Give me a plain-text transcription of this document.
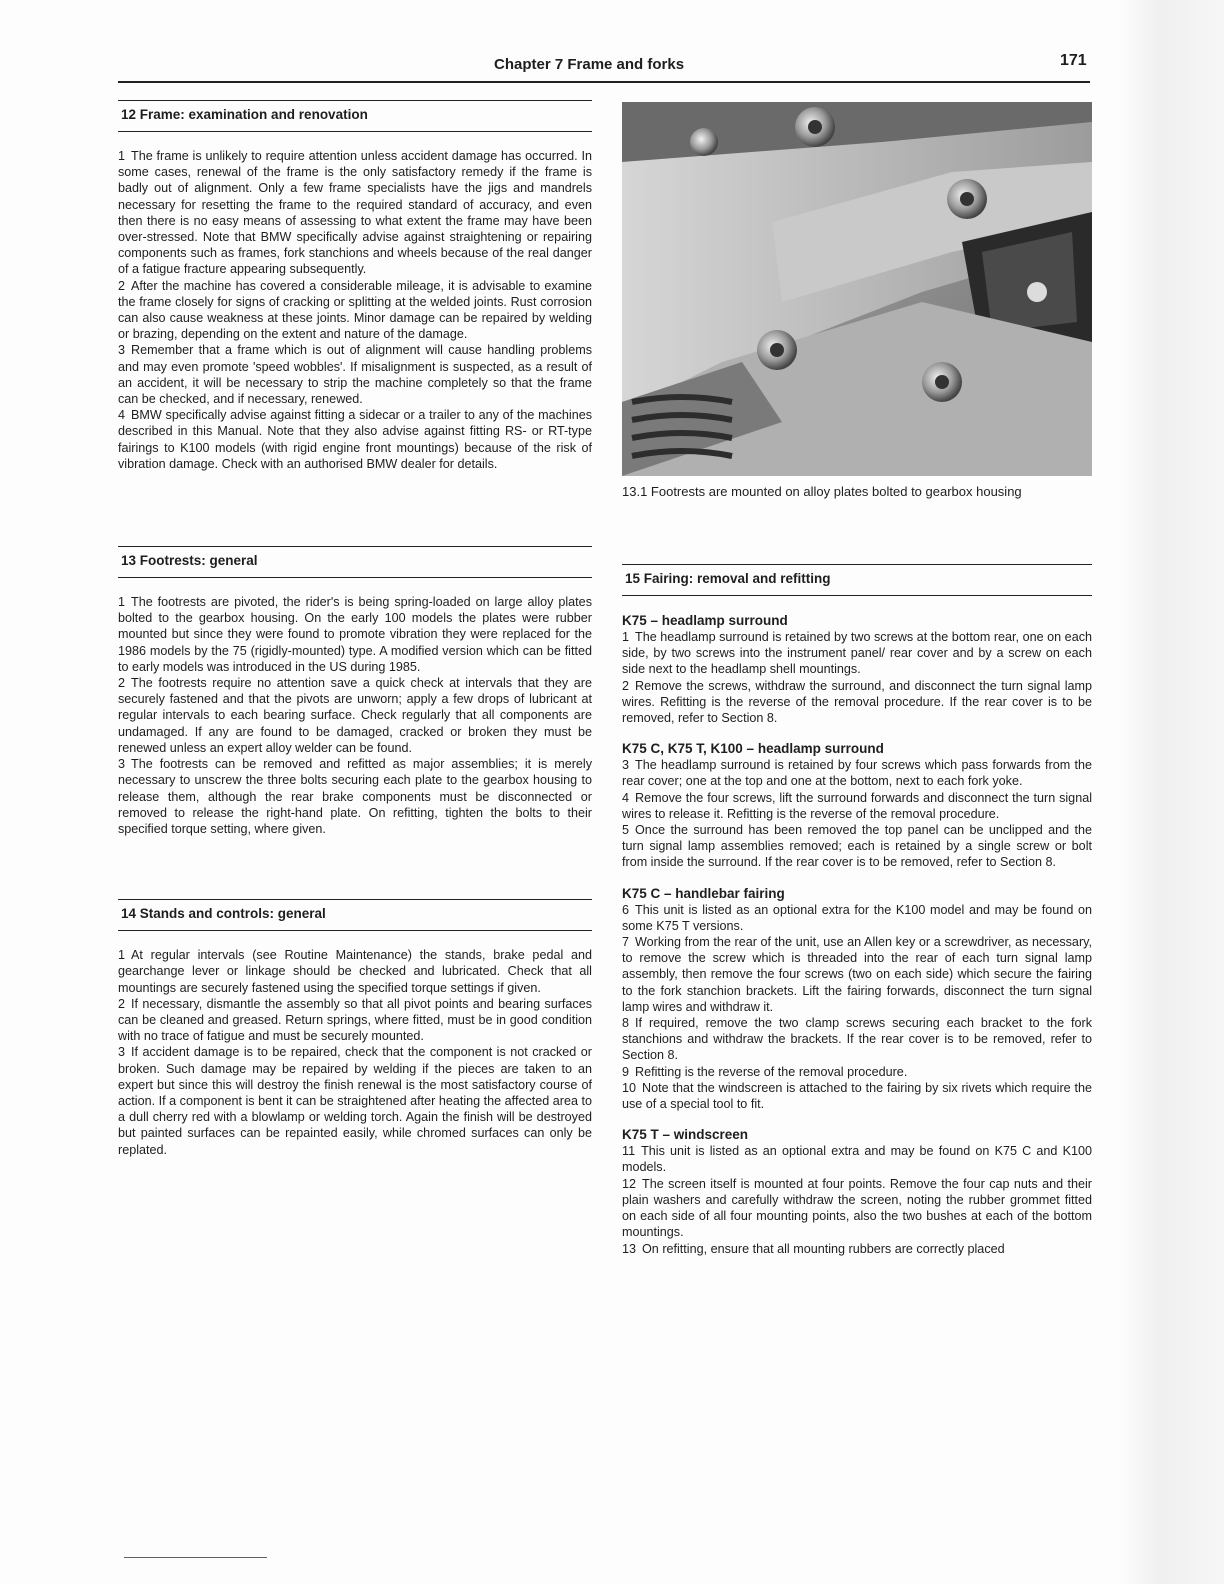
Chapter 7 Frame and forks	171
12 Frame: examination and renovation

1 The frame is unlikely to require attention unless accident damage has occurred. In some cases, renewal of the frame is the only satisfactory remedy if the frame is badly out of alignment. Only a few frame specialists have the jigs and mandrels necessary for resetting the frame to the required standard of accuracy, and even then there is no easy means of assessing to what extent the frame may have been over-stressed. Note that BMW specifically advise against straightening or repairing components such as frames, fork stanchions and wheels because of the real danger of a fatigue fracture appearing subsequently.

2 After the machine has covered a considerable mileage, it is advisable to examine the frame closely for signs of cracking or splitting at the welded joints. Rust corrosion can also cause weakness at these joints. Minor damage can be repaired by welding or brazing, depending on the extent and nature of the damage.

3 Remember that a frame which is out of alignment will cause handling problems and may even promote 'speed wobbles'. If misalignment is suspected, as a result of an accident, it will be necessary to strip the machine completely so that the frame can be checked, and if necessary, renewed.

4 BMW specifically advise against fitting a sidecar or a trailer to any of the machines described in this Manual. Note that they also advise against fitting RS- or RT-type fairings to K100 models (with rigid engine front mountings) because of the risk of vibration damage. Check with an authorised BMW dealer for details.

13 Footrests: general

1 The footrests are pivoted, the rider's is being spring-loaded on large alloy plates bolted to the gearbox housing. On the early 100 models the plates were rubber mounted but since they were found to promote vibration they were replaced for the 1986 models by the 75 (rigidly-mounted) type. A modified version which can be fitted to early models was introduced in the US during 1985.

2 The footrests require no attention save a quick check at intervals that they are securely fastened and that the pivots are unworn; apply a few drops of lubricant at regular intervals to each bearing surface. Check regularly that all components are undamaged. If any are found to be damaged, cracked or broken they must be renewed unless an expert alloy welder can be found.

3 The footrests can be removed and refitted as major assemblies; it is merely necessary to unscrew the three bolts securing each plate to the gearbox housing to release them, although the rear brake components must be disconnected or removed to release the right-hand plate. On refitting, tighten the bolts to their specified torque setting, where given.

14 Stands and controls: general

1 At regular intervals (see Routine Maintenance) the stands, brake pedal and gearchange lever or linkage should be checked and lubricated. Check that all mountings are securely fastened using the specified torque settings if given.

2 If necessary, dismantle the assembly so that all pivot points and bearing surfaces can be cleaned and greased. Return springs, where fitted, must be in good condition with no trace of fatigue and must be securely mounted.

3 If accident damage is to be repaired, check that the component is not cracked or broken. Such damage may be repaired by welding if the pieces are taken to an expert but since this will destroy the finish renewal is the most satisfactory course of action. If a component is bent it can be straightened after heating the affected area to a dull cherry red with a blowlamp or welding torch. Again the finish will be destroyed but painted surfaces can be repainted easily, while chromed surfaces can only be replated.

13.1 Footrests are mounted on alloy plates bolted to gearbox housing
15 Fairing: removal and refitting

K75 – headlamp surround

1 The headlamp surround is retained by two screws at the bottom rear, one on each side, by two screws into the instrument panel/ rear cover and by a screw on each side next to the headlamp shell mountings.

2 Remove the screws, withdraw the surround, and disconnect the turn signal lamp wires. Refitting is the reverse of the removal procedure. If the rear cover is to be removed, refer to Section 8.

K75 C, K75 T, K100 – headlamp surround

3 The headlamp surround is retained by four screws which pass forwards from the rear cover; one at the top and one at the bottom, next to each fork yoke.

4 Remove the four screws, lift the surround forwards and disconnect the turn signal wires to release it. Refitting is the reverse of the removal procedure.

5 Once the surround has been removed the top panel can be unclipped and the turn signal lamp assemblies removed; each is retained by a single screw or bolt from inside the surround. If the rear cover is to be removed, refer to Section 8.

K75 C – handlebar fairing

6 This unit is listed as an optional extra for the K100 model and may be found on some K75 T versions.

7 Working from the rear of the unit, use an Allen key or a screwdriver, as necessary, to remove the screw which is threaded into the rear of each turn signal lamp assembly, then remove the four screws (two on each side) which secure the fairing to the fork stanchion brackets. Lift the fairing forwards, disconnect the turn signal lamp wires and withdraw it.

8 If required, remove the two clamp screws securing each bracket to the fork stanchions and withdraw the brackets. If the rear cover is to be removed, refer to Section 8.

9 Refitting is the reverse of the removal procedure.

10 Note that the windscreen is attached to the fairing by six rivets which require the use of a special tool to fit.

K75 T – windscreen

11 This unit is listed as an optional extra and may be found on K75 C and K100 models.

12 The screen itself is mounted at four points. Remove the four cap nuts and their plain washers and carefully withdraw the screen, noting the rubber grommet fitted on each side of all four mounting points, also the two bushes at each of the bottom mountings.

13 On refitting, ensure that all mounting rubbers are correctly placed
